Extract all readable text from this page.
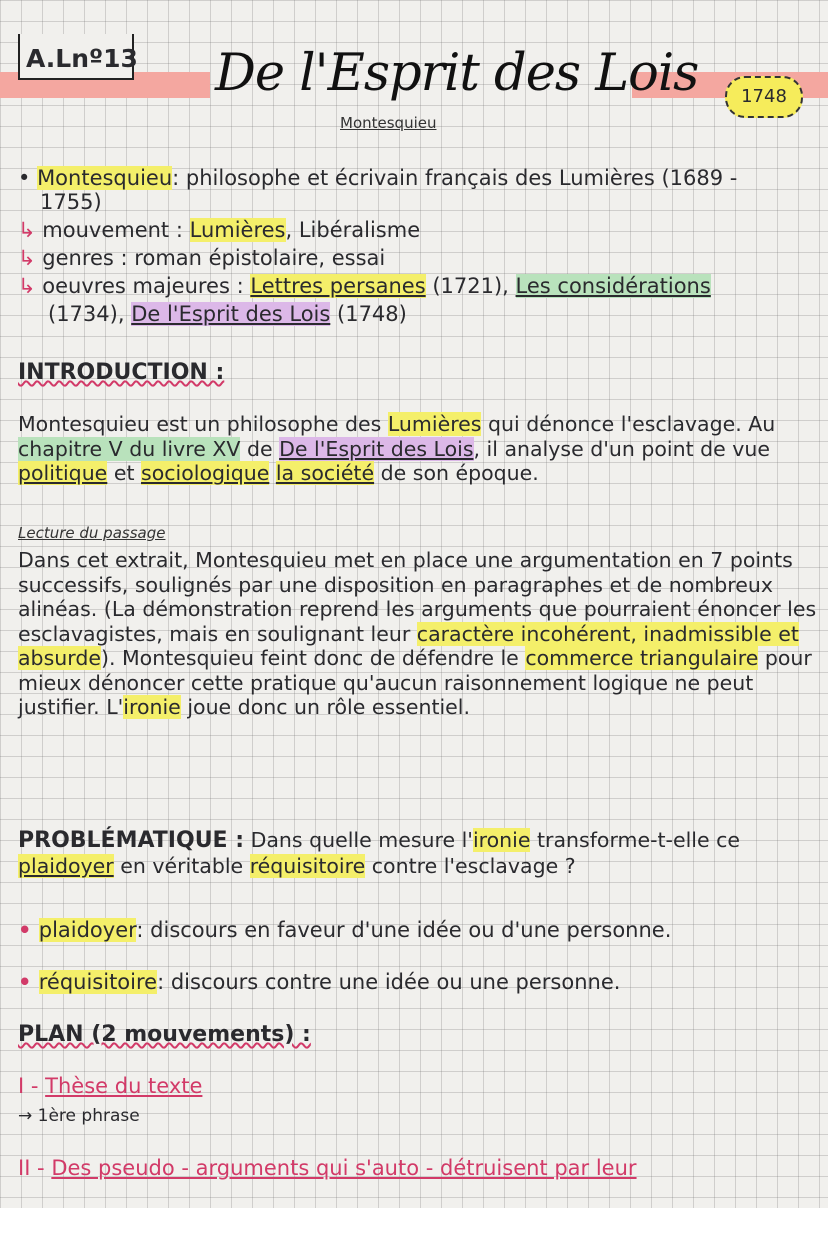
A.Lnº13 De l'Esprit des Lois
Montesquieu
1748
• Montesquieu: philosophe et écrivain français des Lumières (1689 -
1755)
↳ mouvement : Lumières, Libéralisme
↳ genres : roman épistolaire, essai
↳ oeuvres majeures : Lettres persanes (1721), Les considérations
(1734), De l'Esprit des Lois (1748)
INTRODUCTION :
Montesquieu est un philosophe des Lumières qui dénonce l'esclavage. Au chapitre V du livre XV de De l'Esprit des Lois, il analyse d'un point de vue politique et sociologique la société de son époque.
Lecture du passage
Dans cet extrait, Montesquieu met en place une argumentation en 7 points successifs, soulignés par une disposition en paragraphes et de nombreux alinéas. (La démonstration reprend les arguments que pourraient énoncer les esclavagistes, mais en soulignant leur caractère incohérent, inadmissible et absurde). Montesquieu feint donc de défendre le commerce triangulaire pour mieux dénoncer cette pratique qu'aucun raisonnement logique ne peut justifier. L'ironie joue donc un rôle essentiel.
PROBLÉMATIQUE : Dans quelle mesure l'ironie transforme-t-elle ce plaidoyer en véritable réquisitoire contre l'esclavage ?
• plaidoyer: discours en faveur d'une idée ou d'une personne.
• réquisitoire: discours contre une idée ou une personne.
PLAN (2 mouvements) :
I - Thèse du texte
→ 1ère phrase
II - Des pseudo - arguments qui s'auto - détruisent par leur
